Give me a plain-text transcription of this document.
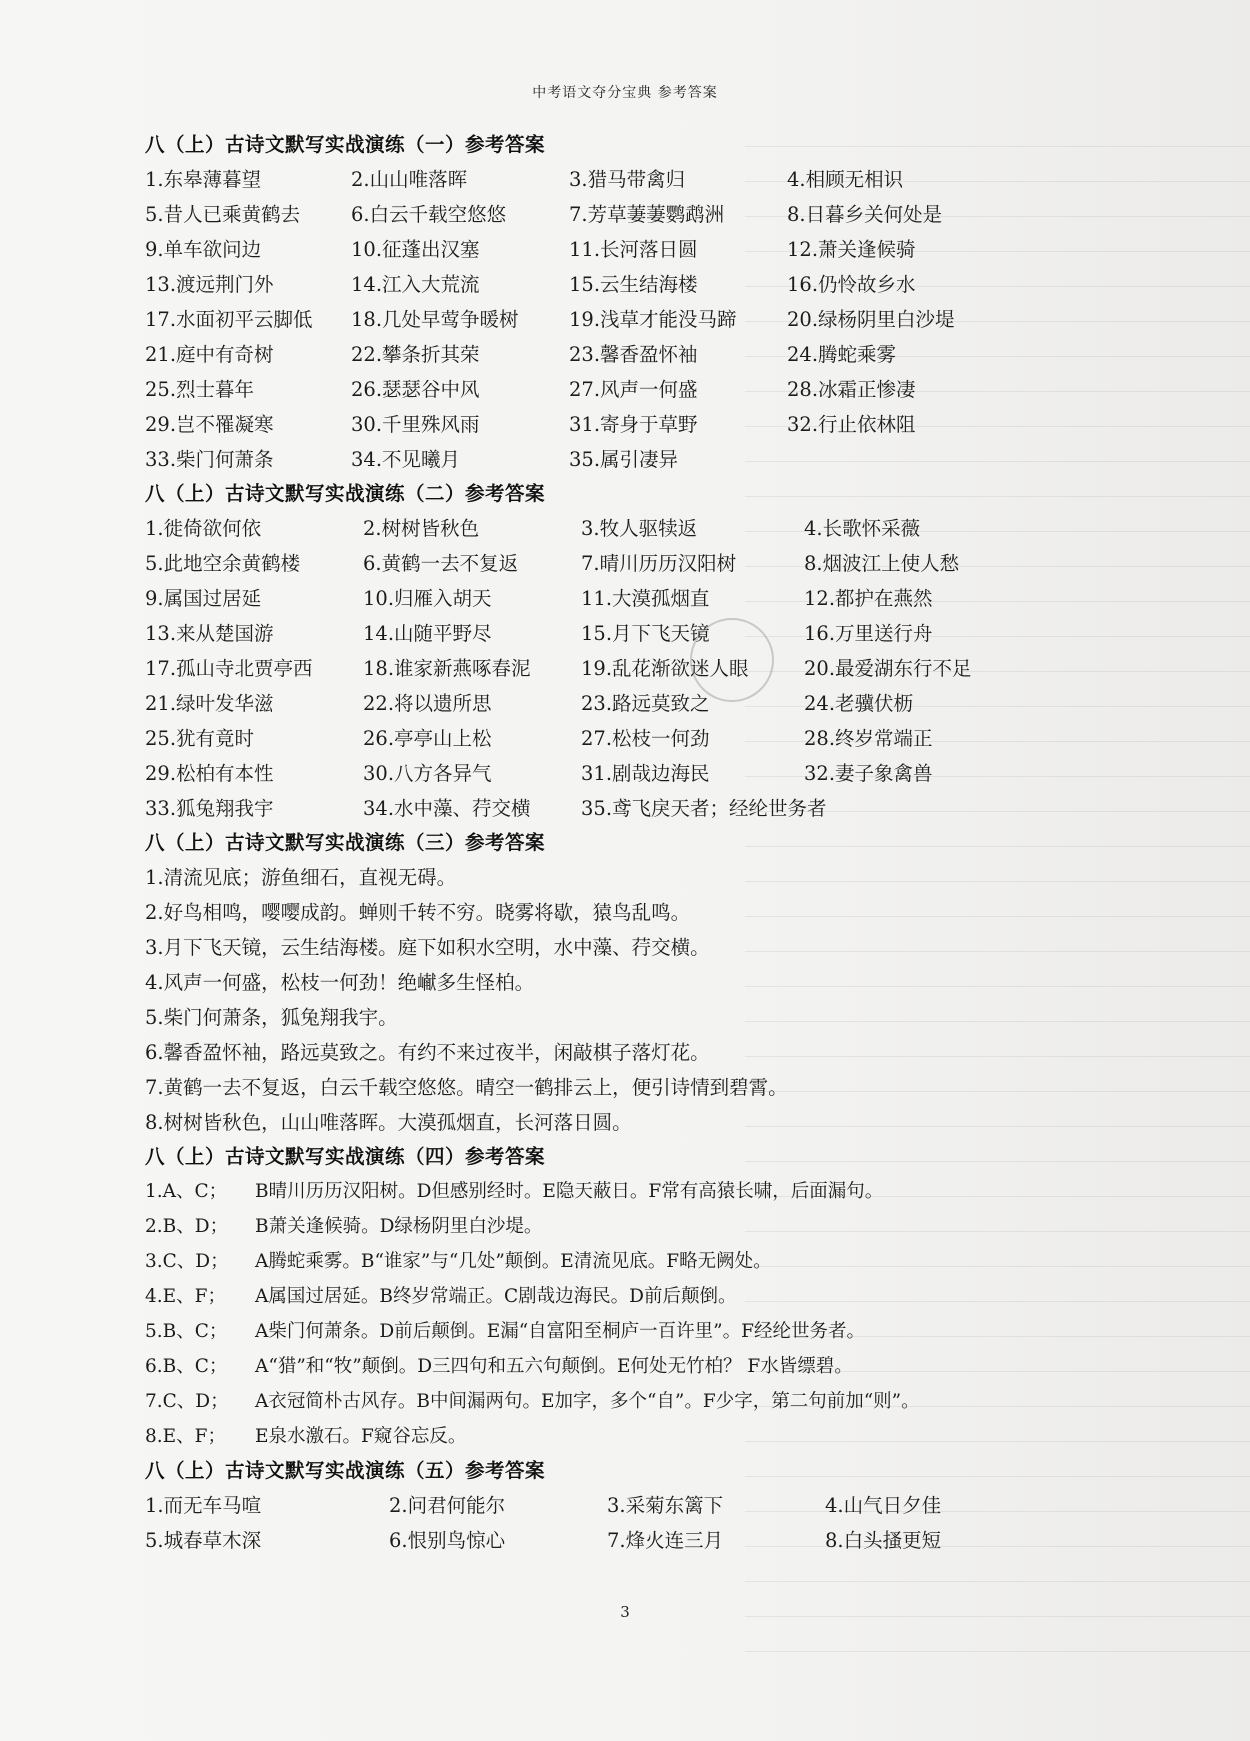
中考语文夺分宝典 参考答案
八（上）古诗文默写实战演练（一）参考答案
1.东皋薄暮望	2.山山唯落晖	3.猎马带禽归	4.相顾无相识
5.昔人已乘黄鹤去	6.白云千载空悠悠	7.芳草萋萋鹦鹉洲	8.日暮乡关何处是
9.单车欲问边	10.征蓬出汉塞	11.长河落日圆	12.萧关逢候骑
13.渡远荆门外	14.江入大荒流	15.云生结海楼	16.仍怜故乡水
17.水面初平云脚低	18.几处早莺争暖树	19.浅草才能没马蹄	20.绿杨阴里白沙堤
21.庭中有奇树	22.攀条折其荣	23.馨香盈怀袖	24.腾蛇乘雾
25.烈士暮年	26.瑟瑟谷中风	27.风声一何盛	28.冰霜正惨凄
29.岂不罹凝寒	30.千里殊风雨	31.寄身于草野	32.行止依林阻
33.柴门何萧条	34.不见曦月	35.属引凄异
八（上）古诗文默写实战演练（二）参考答案
1.徙倚欲何依	2.树树皆秋色	3.牧人驱犊返	4.长歌怀采薇
5.此地空余黄鹤楼	6.黄鹤一去不复返	7.晴川历历汉阳树	8.烟波江上使人愁
9.属国过居延	10.归雁入胡天	11.大漠孤烟直	12.都护在燕然
13.来从楚国游	14.山随平野尽	15.月下飞天镜	16.万里送行舟
17.孤山寺北贾亭西	18.谁家新燕啄春泥	19.乱花渐欲迷人眼	20.最爱湖东行不足
21.绿叶发华滋	22.将以遗所思	23.路远莫致之	24.老骥伏枥
25.犹有竟时	26.亭亭山上松	27.松枝一何劲	28.终岁常端正
29.松柏有本性	30.八方各异气	31.剧哉边海民	32.妻子象禽兽
33.狐兔翔我宇	34.水中藻、荇交横	35.鸢飞戾天者；经纶世务者
八（上）古诗文默写实战演练（三）参考答案
1.清流见底；游鱼细石，直视无碍。
2.好鸟相鸣，嘤嘤成韵。蝉则千转不穷。晓雾将歇，猿鸟乱鸣。
3.月下飞天镜，云生结海楼。庭下如积水空明，水中藻、荇交横。
4.风声一何盛，松枝一何劲！绝𪩘多生怪柏。
5.柴门何萧条，狐兔翔我宇。
6.馨香盈怀袖，路远莫致之。有约不来过夜半，闲敲棋子落灯花。
7.黄鹤一去不复返，白云千载空悠悠。晴空一鹤排云上，便引诗情到碧霄。
8.树树皆秋色，山山唯落晖。大漠孤烟直，长河落日圆。
八（上）古诗文默写实战演练（四）参考答案
1.A、C； B晴川历历汉阳树。D但感别经时。E隐天蔽日。F常有高猿长啸，后面漏句。
2.B、D； B萧关逢候骑。D绿杨阴里白沙堤。
3.C、D； A腾蛇乘雾。B“谁家”与“几处”颠倒。E清流见底。F略无阙处。
4.E、F； A属国过居延。B终岁常端正。C剧哉边海民。D前后颠倒。
5.B、C； A柴门何萧条。D前后颠倒。E漏“自富阳至桐庐一百许里”。F经纶世务者。
6.B、C； A“猎”和“牧”颠倒。D三四句和五六句颠倒。E何处无竹柏？ F水皆缥碧。
7.C、D； A衣冠简朴古风存。B中间漏两句。E加字，多个“自”。F少字，第二句前加“则”。
8.E、F； E泉水激石。F窥谷忘反。
八（上）古诗文默写实战演练（五）参考答案
1.而无车马喧	2.问君何能尔	3.采菊东篱下	4.山气日夕佳
5.城春草木深	6.恨别鸟惊心	7.烽火连三月	8.白头搔更短
3
